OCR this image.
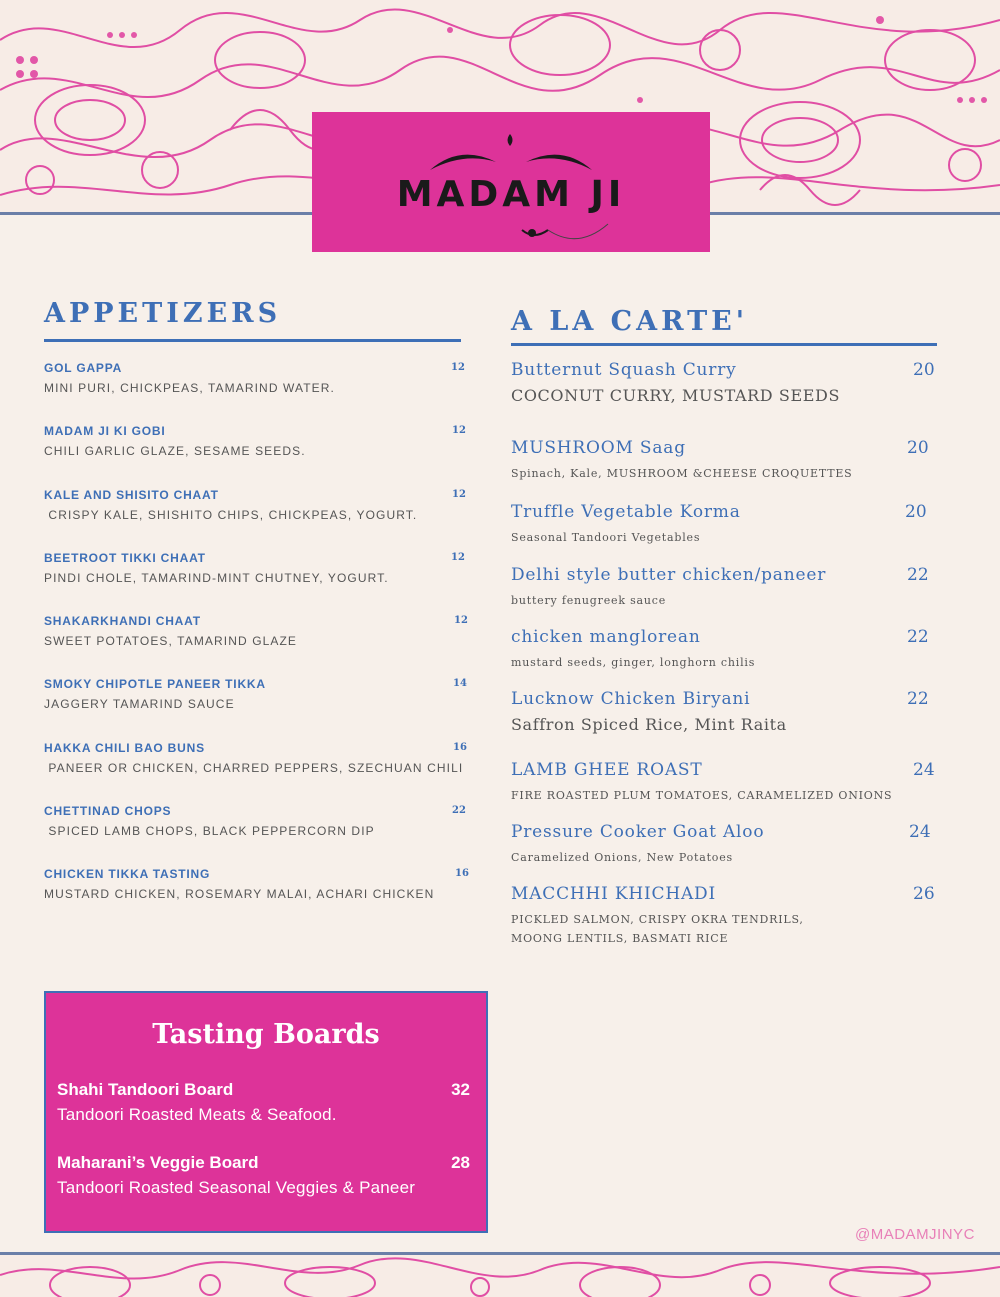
MADAM JI
APPETIZERS
GOL GAPPA	12
MINI PURI, CHICKPEAS, TAMARIND WATER.
MADAM JI KI GOBI	12
CHILI GARLIC GLAZE, SESAME SEEDS.
KALE AND SHISITO CHAAT	12
CRISPY KALE, SHISHITO CHIPS, CHICKPEAS, YOGURT.
BEETROOT TIKKI CHAAT	12
PINDI CHOLE, TAMARIND-MINT CHUTNEY, YOGURT.
SHAKARKHANDI CHAAT	12
SWEET POTATOES, TAMARIND GLAZE
SMOKY CHIPOTLE PANEER TIKKA	14
JAGGERY TAMARIND SAUCE
HAKKA CHILI BAO BUNS	16
PANEER OR CHICKEN, CHARRED PEPPERS, SZECHUAN CHILI
CHETTINAD CHOPS	22
SPICED LAMB CHOPS, BLACK PEPPERCORN DIP
CHICKEN TIKKA TASTING	16
MUSTARD CHICKEN, ROSEMARY MALAI, ACHARI CHICKEN
A LA CARTE'
Butternut Squash Curry	20
COCONUT CURRY, MUSTARD SEEDS
MUSHROOM Saag	20
Spinach, Kale, MUSHROOM &CHEESE CROQUETTES
Truffle Vegetable Korma	20
Seasonal Tandoori Vegetables
Delhi style butter chicken/paneer	22
buttery fenugreek sauce
chicken manglorean	22
mustard seeds, ginger, longhorn chilis
Lucknow Chicken Biryani	22
Saffron Spiced Rice, Mint Raita
LAMB GHEE ROAST	24
FIRE ROASTED PLUM TOMATOES, CARAMELIZED ONIONS
Pressure Cooker Goat Aloo	24
Caramelized Onions, New Potatoes
MACCHHI KHICHADI	26
PICKLED SALMON, CRISPY OKRA TENDRILS,
MOONG LENTILS, BASMATI RICE
Tasting Boards
Shahi Tandoori Board	32
Tandoori Roasted Meats & Seafood.
Maharani’s Veggie Board	28
Tandoori Roasted Seasonal Veggies & Paneer
@MADAMJINYC
